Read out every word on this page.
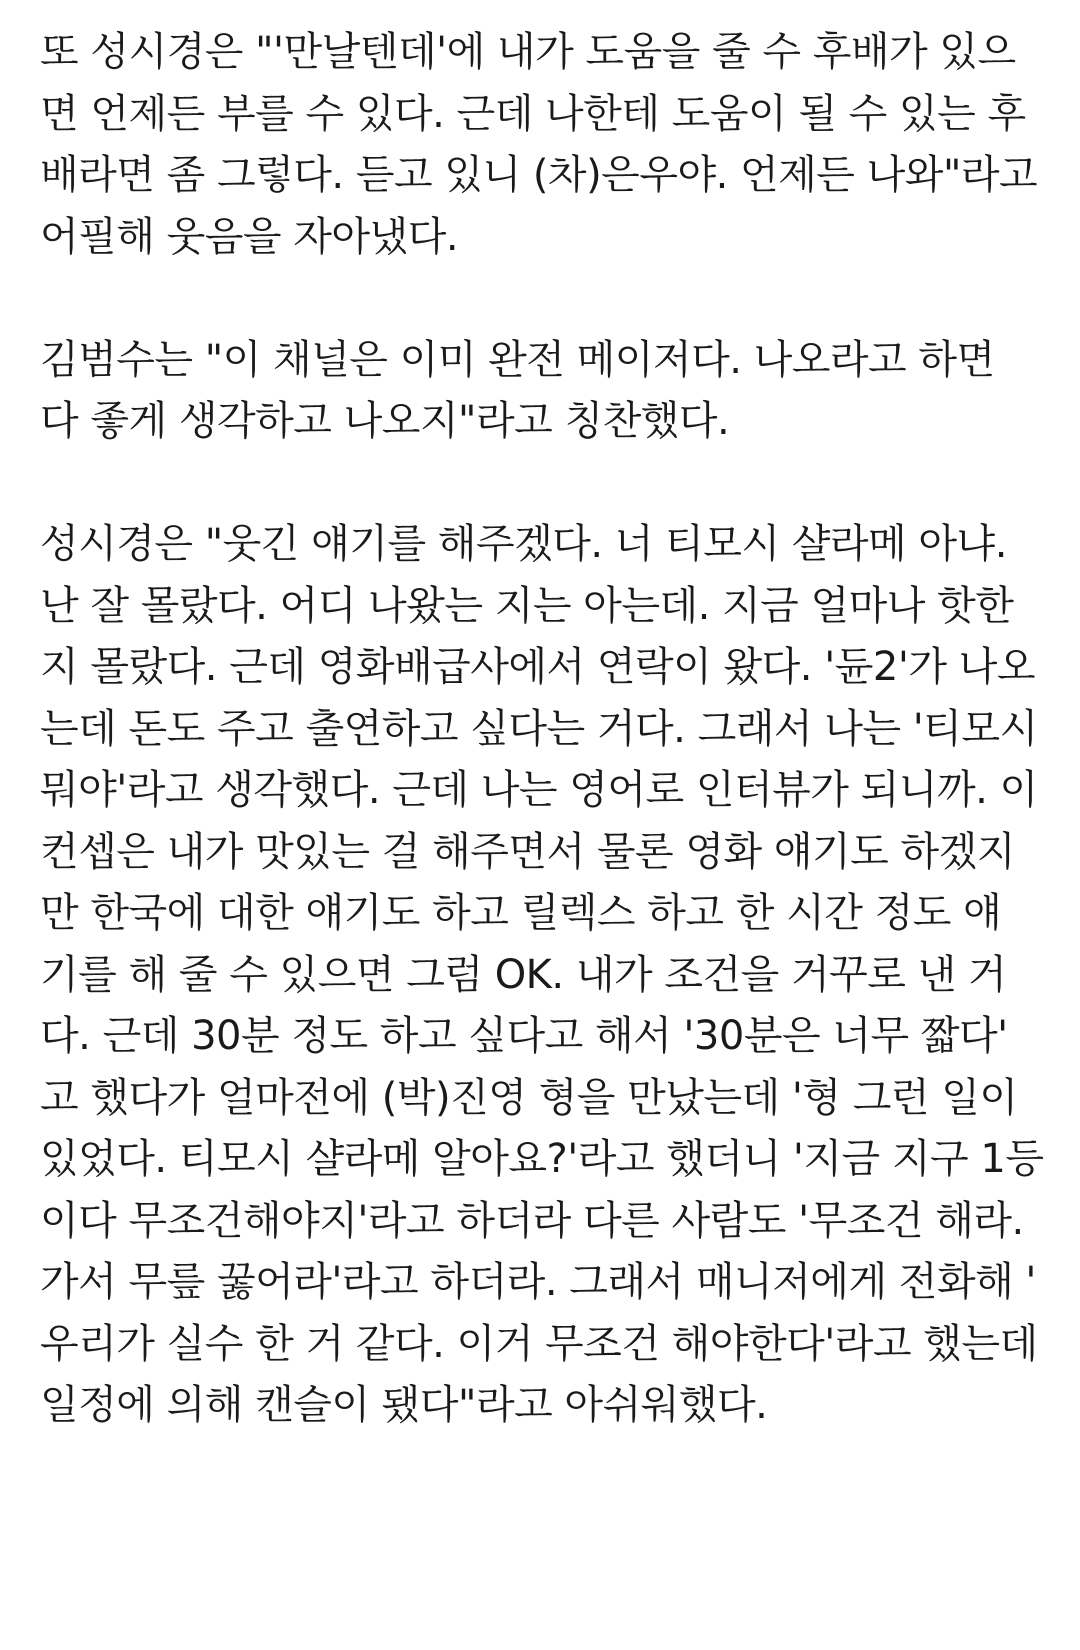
또 성시경은 "'만날텐데'에 내가 도움을 줄 수 후배가 있으
면 언제든 부를 수 있다. 근데 나한테 도움이 될 수 있는 후
배라면 좀 그렇다. 듣고 있니 (차)은우야. 언제든 나와"라고
어필해 웃음을 자아냈다.
김범수는 "이 채널은 이미 완전 메이저다. 나오라고 하면
다 좋게 생각하고 나오지"라고 칭찬했다.
성시경은 "웃긴 얘기를 해주겠다. 너 티모시 샬라메 아냐.
난 잘 몰랐다. 어디 나왔는 지는 아는데. 지금 얼마나 핫한
지 몰랐다. 근데 영화배급사에서 연락이 왔다. '듄2'가 나오
는데 돈도 주고 출연하고 싶다는 거다. 그래서 나는 '티모시
뭐야'라고 생각했다. 근데 나는 영어로 인터뷰가 되니까. 이
컨셉은 내가 맛있는 걸 해주면서 물론 영화 얘기도 하겠지
만 한국에 대한 얘기도 하고 릴렉스 하고 한 시간 정도 얘
기를 해 줄 수 있으면 그럼 OK. 내가 조건을 거꾸로 낸 거
다. 근데 30분 정도 하고 싶다고 해서 '30분은 너무 짧다'
고 했다가 얼마전에 (박)진영 형을 만났는데 '형 그런 일이
있었다. 티모시 샬라메 알아요?'라고 했더니 '지금 지구 1등
이다 무조건해야지'라고 하더라 다른 사람도 '무조건 해라.
가서 무릎 꿇어라'라고 하더라. 그래서 매니저에게 전화해 '
우리가 실수 한 거 같다. 이거 무조건 해야한다'라고 했는데
일정에 의해 캔슬이 됐다"라고 아쉬워했다.
